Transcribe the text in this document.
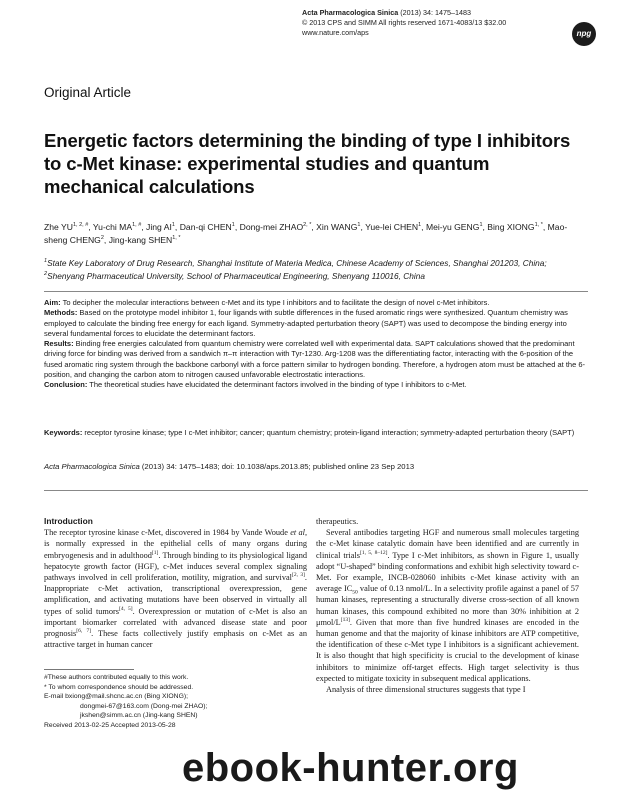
Acta Pharmacologica Sinica (2013) 34: 1475–1483
© 2013 CPS and SIMM All rights reserved 1671-4083/13 $32.00
www.nature.com/aps	npg
Original Article
Energetic factors determining the binding of type I inhibitors to c-Met kinase: experimental studies and quantum mechanical calculations
Zhe $YU^{1, 2, \#}$, Yu-chi $MA^{1, \#}$, Jing $AI^1$, Dan-qi CHEN$^1$, Dong-mei $ZHAO^{2, *}$, Xin WANG$^1$, Yue-lei CHEN$^1$, Mei-yu GENG$^1$, Bing $XIONG^{1, *}$, Mao-sheng CHENG$^2$, Jing-kang $SHEN^{1, *}$
$^1$State Key Laboratory of Drug Research, Shanghai Institute of Materia Medica, Chinese Academy of Sciences, Shanghai 201203, China; $^2$Shenyang Pharmaceutical University, School of Pharmaceutical Engineering, Shenyang 110016, China

Aim: To decipher the molecular interactions between c-Met and its type I inhibitors and to facilitate the design of novel c-Met inhibitors.

Methods: Based on the prototype model inhibitor 1, four ligands with subtle differences in the fused aromatic rings were synthesized. Quantum chemistry was employed to calculate the binding free energy for each ligand. Symmetry-adapted perturbation theory (SAPT) was used to decompose the binding energy into several fundamental forces to elucidate the determinant factors.

Results: Binding free energies calculated from quantum chemistry were correlated well with experimental data. SAPT calculations showed that the predominant driving force for binding was derived from a sandwich π–π interaction with Tyr-1230. Arg-1208 was the differentiating factor, interacting with the 6-position of the fused aromatic ring system through the backbone carbonyl with a force pattern similar to hydrogen bonding. Therefore, a hydrogen atom must be attached at the 6-position, and changing the carbon atom to nitrogen caused unfavorable electrostatic interactions.

Conclusion: The theoretical studies have elucidated the determinant factors involved in the binding of type I inhibitors to c-Met.

Keywords: receptor tyrosine kinase; type I c-Met inhibitor; cancer; quantum chemistry; protein-ligand interaction; symmetry-adapted perturbation theory (SAPT)
Acta Pharmacologica Sinica (2013) 34: 1475–1483; doi: 10.1038/aps.2013.85; published online 23 Sep 2013
Introduction

The receptor tyrosine kinase c-Met, discovered in 1984 by Vande Woude et al, is normally expressed in the epithelial cells of many organs during embryogenesis and in adulthood[1]. Through binding to its physiological ligand hepatocyte growth factor (HGF), c-Met induces several complex signaling pathways involved in cell proliferation, motility, migration, and survival[2, 3]. Inappropriate c-Met activation, transcriptional overexpression, gene amplification, and activating mutations have been observed in virtually all types of solid tumors[4, 5]. Overexpression or mutation of c-Met is also an important biomarker correlated with advanced disease state and poor prognosis[6, 7]. These facts collectively justify emphasis on c-Met as an attractive target in human cancer

therapeutics.

Several antibodies targeting HGF and numerous small molecules targeting the c-Met kinase catalytic domain have been identified and are currently in clinical trials[1, 5, 8–12]. Type I c-Met inhibitors, as shown in Figure 1, usually adopt “U-shaped” binding conformations and exhibit high selectivity toward c-Met. For example, INCB-028060 inhibits c-Met kinase activity with an average $IC_{50}$ value of 0.13 nmol/L. In a selectivity profile against a panel of 57 human kinases, representing a structurally diverse cross-section of all known human kinases, this compound exhibited no more than 30% inhibition at 2 μmol/L[13]. Given that more than five hundred kinases are encoded in the human genome and that the majority of kinase inhibitors are ATP competitive, the identification of these c-Met type I inhibitors is a significant achievement. It is also thought that high specificity is crucial to the development of kinase inhibitors to minimize off-target effects. High target selectivity is thus expected to mitigate toxicity in subsequent medical applications.

Analysis of three dimensional structures suggests that type I

#These authors contributed equally to this work.

* To whom correspondence should be addressed.

E-mail bxiong@mail.shcnc.ac.cn (Bing XIONG);

dongmei-67@163.com (Dong-mei ZHAO);

jkshen@simm.ac.cn (Jing-kang SHEN)

Received 2013-02-25 Accepted 2013-05-28

ebook-hunter.org
